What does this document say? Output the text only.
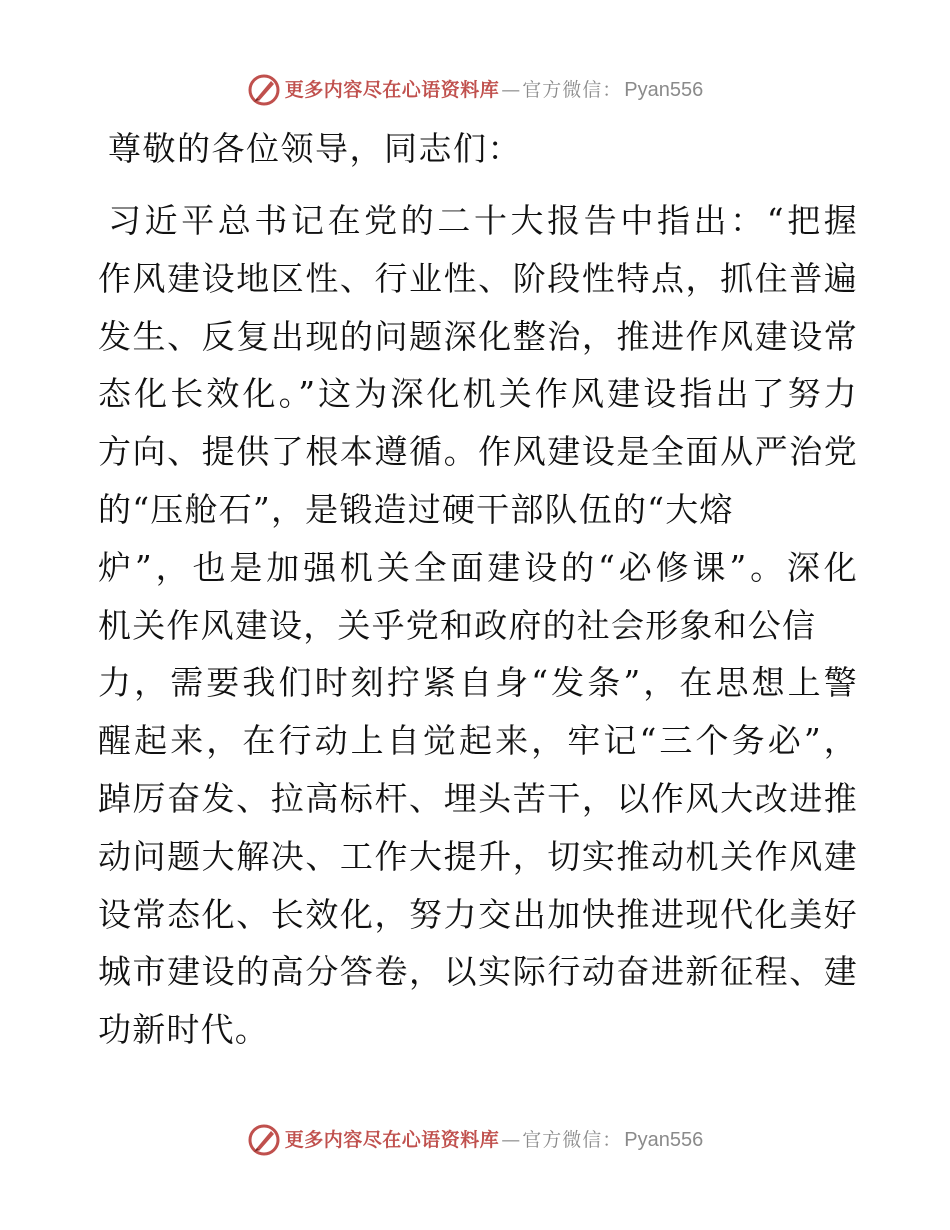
更多内容尽在心语资料库 — 官方微信： Pyan556
尊敬的各位领导，同志们：
习近平总书记在党的二十大报告中指出：“把握
作风建设地区性、行业性、阶段性特点，抓住普遍
发生、反复出现的问题深化整治，推进作风建设常
态化长效化。”这为深化机关作风建设指出了努力
方向、提供了根本遵循。作风建设是全面从严治党
的“压舱石”，是锻造过硬干部队伍的“大熔
炉”，也是加强机关全面建设的“必修课”。深化
机关作风建设，关乎党和政府的社会形象和公信
力，需要我们时刻拧紧自身“发条”，在思想上警
醒起来，在行动上自觉起来，牢记“三个务必”，
踔厉奋发、拉高标杆、埋头苦干，以作风大改进推
动问题大解决、工作大提升，切实推动机关作风建
设常态化、长效化，努力交出加快推进现代化美好
城市建设的高分答卷，以实际行动奋进新征程、建
功新时代。
更多内容尽在心语资料库 — 官方微信： Pyan556
